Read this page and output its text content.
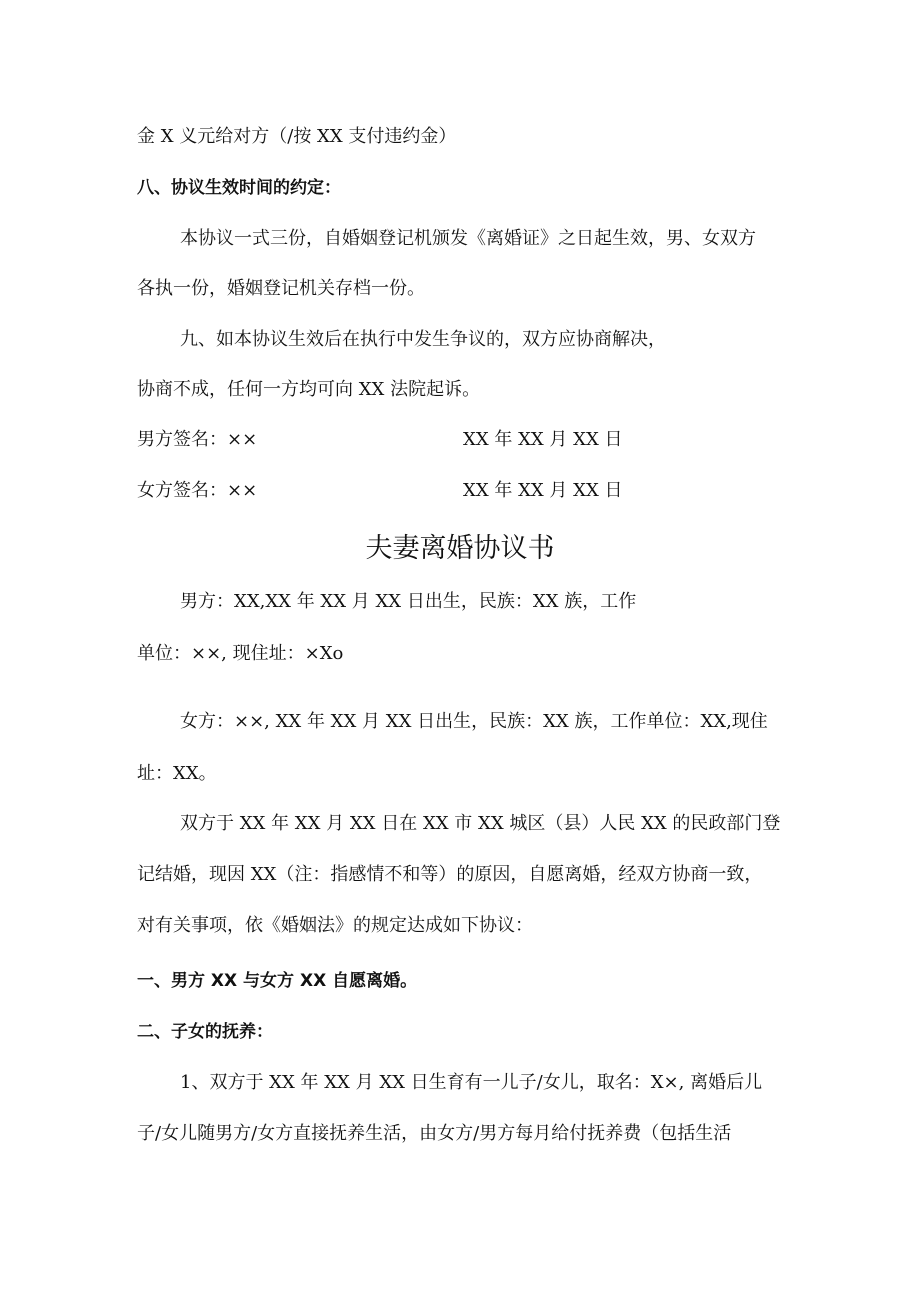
金 X 义元给对方（/按 XX 支付违约金）
八、协议生效时间的约定：
本协议一式三份，自婚姻登记机颁发《离婚证》之日起生效，男、女双方
各执一份，婚姻登记机关存档一份。
九、如本协议生效后在执行中发生争议的，双方应协商解决，
协商不成，任何一方均可向 XX 法院起诉。
男方签名：××	XX 年 XX 月 XX 日
女方签名：××	XX 年 XX 月 XX 日
夫妻离婚协议书
男方：XX,XX 年 XX 月 XX 日出生，民族：XX 族，工作
单位：××, 现住址：×Xo
女方：××, XX 年 XX 月 XX 日出生，民族：XX 族，工作单位：XX,现住
址：XX。
双方于 XX 年 XX 月 XX 日在 XX 市 XX 城区（县）人民 XX 的民政部门登
记结婚，现因 XX（注：指感情不和等）的原因，自愿离婚，经双方协商一致，
对有关事项，依《婚姻法》的规定达成如下协议：
一、男方 XX 与女方 XX 自愿离婚。
二、子女的抚养：
1、双方于 XX 年 XX 月 XX 日生育有一儿子/女儿，取名：X×, 离婚后儿
子/女儿随男方/女方直接抚养生活，由女方/男方每月给付抚养费（包括生活
